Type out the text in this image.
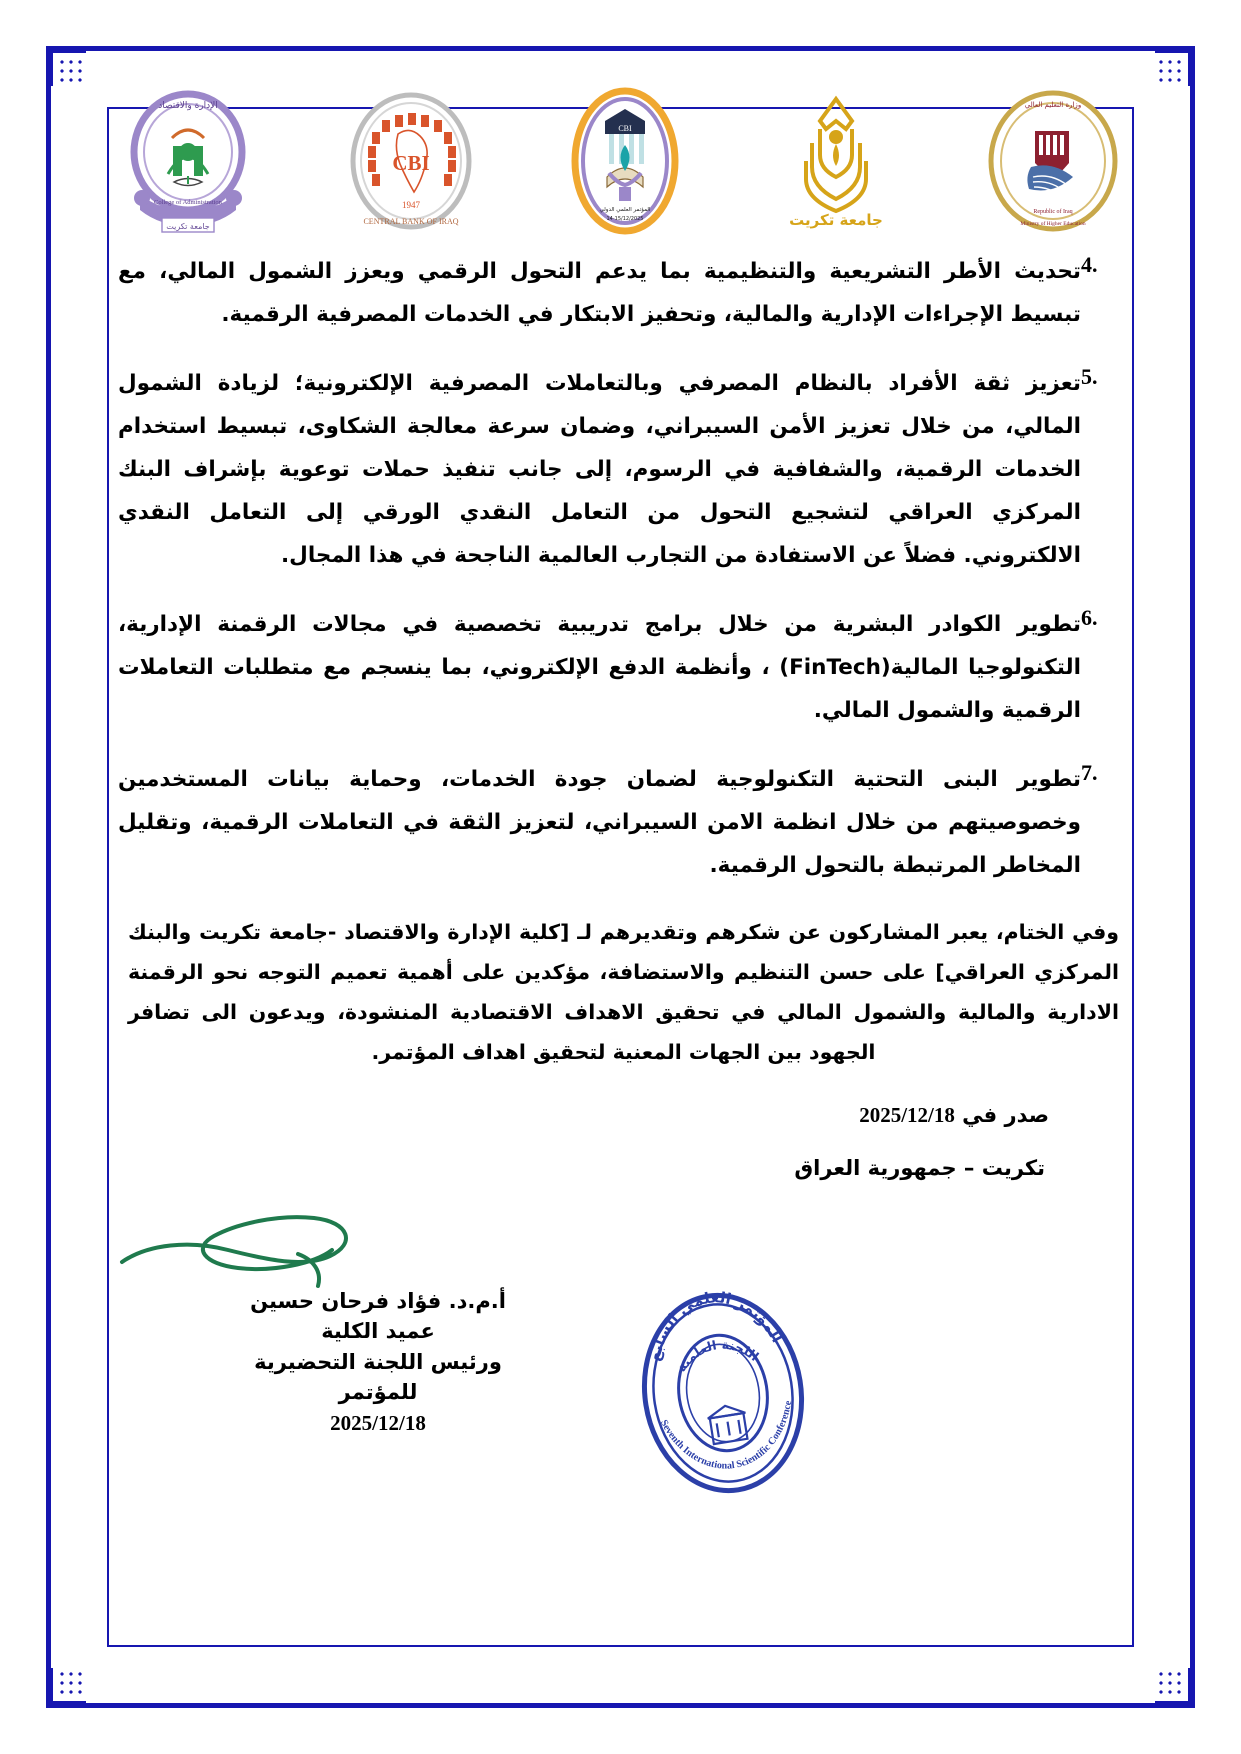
جامعة تكريت
الإدارة والاقتصاد
College of Administration
CBI
1947
CENTRAL BANK OF IRAQ
CBI
المؤتمر العلمي الدولي
14-15/12/2025	جامعة تكريت
وزارة التعليم العالي
Republic of Iraq
Ministry of Higher Education
4.
تحديث الأطر التشريعية والتنظيمية بما يدعم التحول الرقمي ويعزز الشمول المالي، مع تبسيط الإجراءات الإدارية والمالية، وتحفيز الابتكار في الخدمات المصرفية الرقمية.
5.
تعزيز ثقة الأفراد بالنظام المصرفي وبالتعاملات المصرفية الإلكترونية؛ لزيادة الشمول المالي، من خلال تعزيز الأمن السيبراني، وضمان سرعة معالجة الشكاوى، تبسيط استخدام الخدمات الرقمية، والشفافية في الرسوم، إلى جانب تنفيذ حملات توعوية بإشراف البنك المركزي العراقي لتشجيع التحول من التعامل النقدي الورقي إلى التعامل النقدي الالكتروني. فضلاً عن الاستفادة من التجارب العالمية الناجحة في هذا المجال.
6.
تطوير الكوادر البشرية من خلال برامج تدريبية تخصصية في مجالات الرقمنة الإدارية، التكنولوجيا المالية(FinTech) ، وأنظمة الدفع الإلكتروني، بما ينسجم مع متطلبات التعاملات الرقمية والشمول المالي.
7.
تطوير البنى التحتية التكنولوجية لضمان جودة الخدمات، وحماية بيانات المستخدمين وخصوصيتهم من خلال انظمة الامن السيبراني، لتعزيز الثقة في التعاملات الرقمية، وتقليل المخاطر المرتبطة بالتحول الرقمية.

وفي الختام، يعبر المشاركون عن شكرهم وتقديرهم لـ [كلية الإدارة والاقتصاد -جامعة تكريت والبنك المركزي العراقي] على حسن التنظيم والاستضافة، مؤكدين على أهمية تعميم التوجه نحو الرقمنة الادارية والمالية والشمول المالي في تحقيق الاهداف الاقتصادية المنشودة، ويدعون الى تضافر الجهود بين الجهات المعنية لتحقيق اهداف المؤتمر.

صدر في 2025/12/18
تكريت – جمهورية العراق
أ.م.د. فؤاد فرحان حسين
عميد الكلية
ورئيس اللجنة التحضيرية
للمؤتمر
2025/12/18
المؤتمر العلمي السابع
اللجنة العلمية
Seventh International Scientific Conference
